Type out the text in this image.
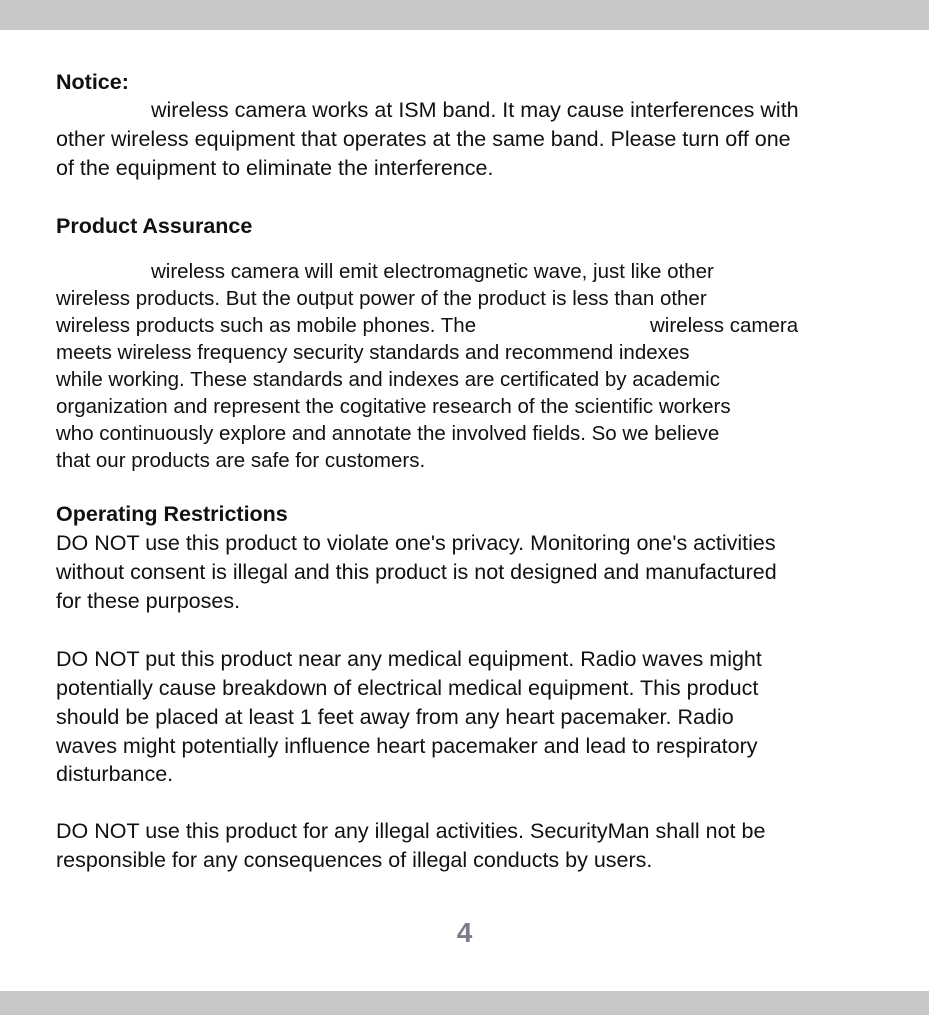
Notice:
wireless camera works at ISM band. It may cause interferences with
other wireless equipment that operates at the same band. Please turn off one
of the equipment to eliminate the interference.
Product Assurance
wireless camera will emit electromagnetic wave, just like other
wireless products. But the output power of the product is less than other
wireless products such as mobile phones. The	wireless camera
meets wireless frequency security standards and recommend indexes
while working. These standards and indexes are certificated by academic
organization and represent the cogitative research of the scientific workers
who continuously explore and annotate the involved fields. So we believe
that our products are safe for customers.
Operating Restrictions
DO NOT use this product to violate one's privacy. Monitoring one's activities
without consent is illegal and this product is not designed and manufactured
for these purposes.
DO NOT put this product near any medical equipment. Radio waves might
potentially cause breakdown of electrical medical equipment. This product
should be placed at least 1 feet away from any heart pacemaker. Radio
waves might potentially influence heart pacemaker and lead to respiratory
disturbance.
DO NOT use this product for any illegal activities. SecurityMan shall not be
responsible for any consequences of illegal conducts by users.
4
